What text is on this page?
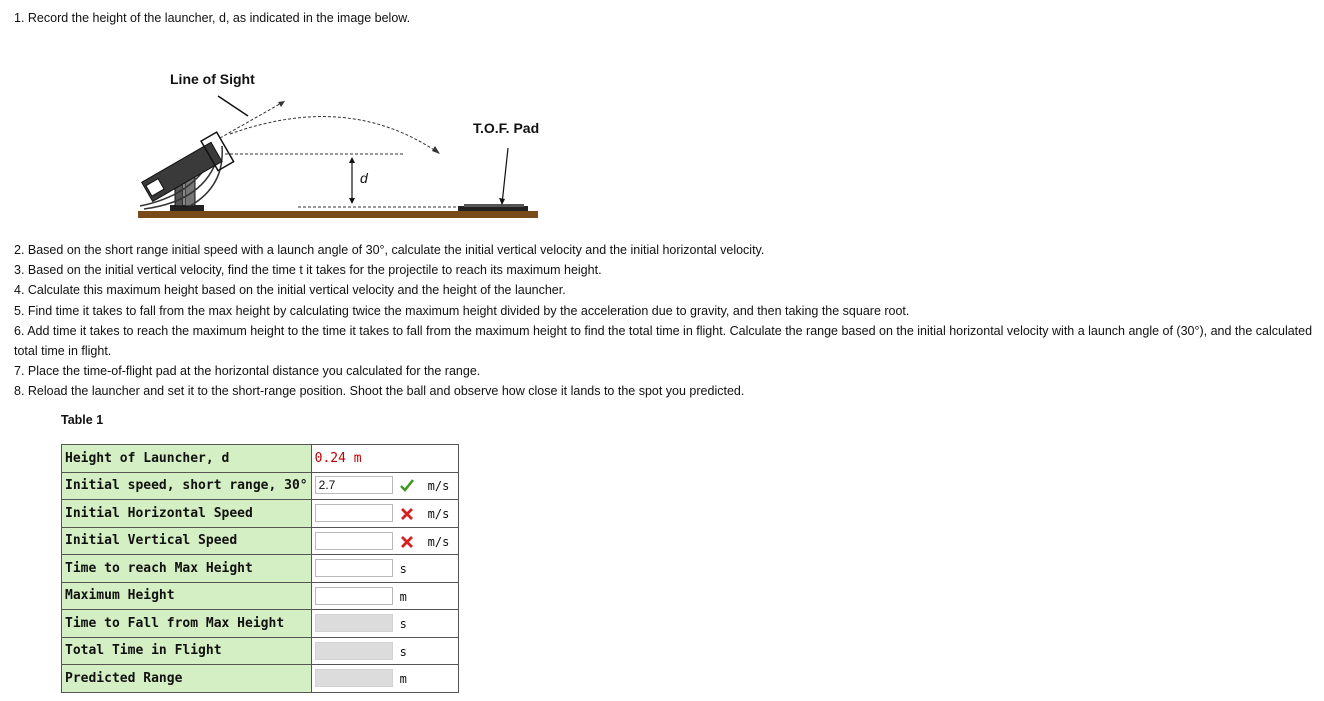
1. Record the height of the launcher, d, as indicated in the image below.
Line of Sight
T.O.F. Pad
d

2. Based on the short range initial speed with a launch angle of 30°, calculate the initial vertical velocity and the initial horizontal velocity.

3. Based on the initial vertical velocity, find the time t it takes for the projectile to reach its maximum height.

4. Calculate this maximum height based on the initial vertical velocity and the height of the launcher.

5. Find time it takes to fall from the max height by calculating twice the maximum height divided by the acceleration due to gravity, and then taking the square root.

6. Add time it takes to reach the maximum height to the time it takes to fall from the maximum height to find the total time in flight. Calculate the range based on the initial horizontal velocity with a launch angle of (30°), and the calculated total time in flight.

7. Place the time-of-flight pad at the horizontal distance you calculated for the range.

8. Reload the launcher and set it to the short-range position. Shoot the ball and observe how close it lands to the spot you predicted.

Table 1
Height of Launcher, d	0.24 m
Initial speed, short range, 30°	2.7 m/s

Initial Horizontal Speed	m/s

Initial Vertical Speed	m/s

Time to reach Max Height	s

Maximum Height	m

Time to Fall from Max Height	s

Total Time in Flight	s

Predicted Range	m
